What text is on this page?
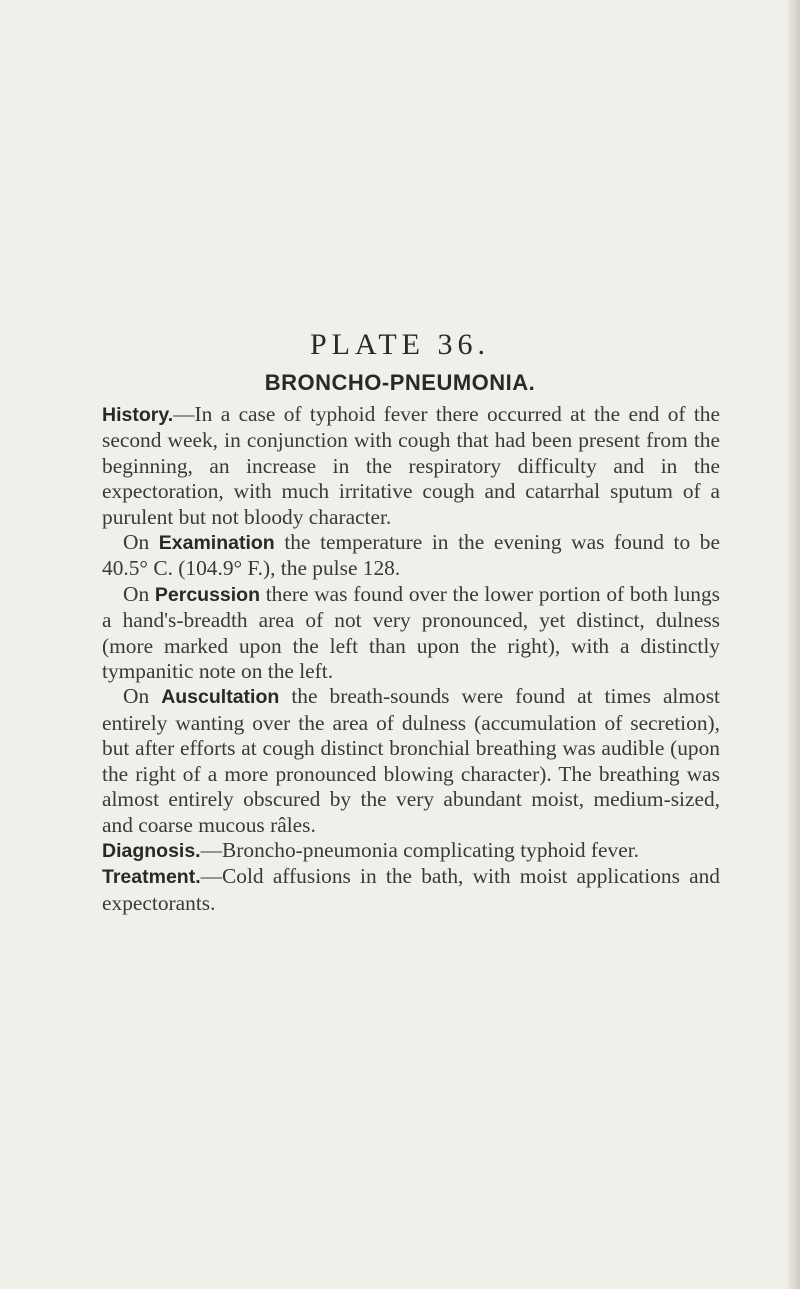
PLATE 36.
BRONCHO-PNEUMONIA.

History.—In a case of typhoid fever there occurred at the end of the second week, in conjunction with cough that had been present from the beginning, an increase in the respiratory difficulty and in the expectoration, with much irritative cough and catarrhal sputum of a purulent but not bloody character.

On Examination the temperature in the evening was found to be 40.5° C. (104.9° F.), the pulse 128.

On Percussion there was found over the lower portion of both lungs a hand's-breadth area of not very pronounced, yet distinct, dulness (more marked upon the left than upon the right), with a distinctly tympanitic note on the left.

On Auscultation the breath-sounds were found at times almost entirely wanting over the area of dulness (accumulation of secretion), but after efforts at cough distinct bronchial breathing was audible (upon the right of a more pronounced blowing character). The breathing was almost entirely obscured by the very abundant moist, medium-sized, and coarse mucous râles.

Diagnosis.—Broncho-pneumonia complicating typhoid fever.

Treatment.—Cold affusions in the bath, with moist applications and expectorants.
